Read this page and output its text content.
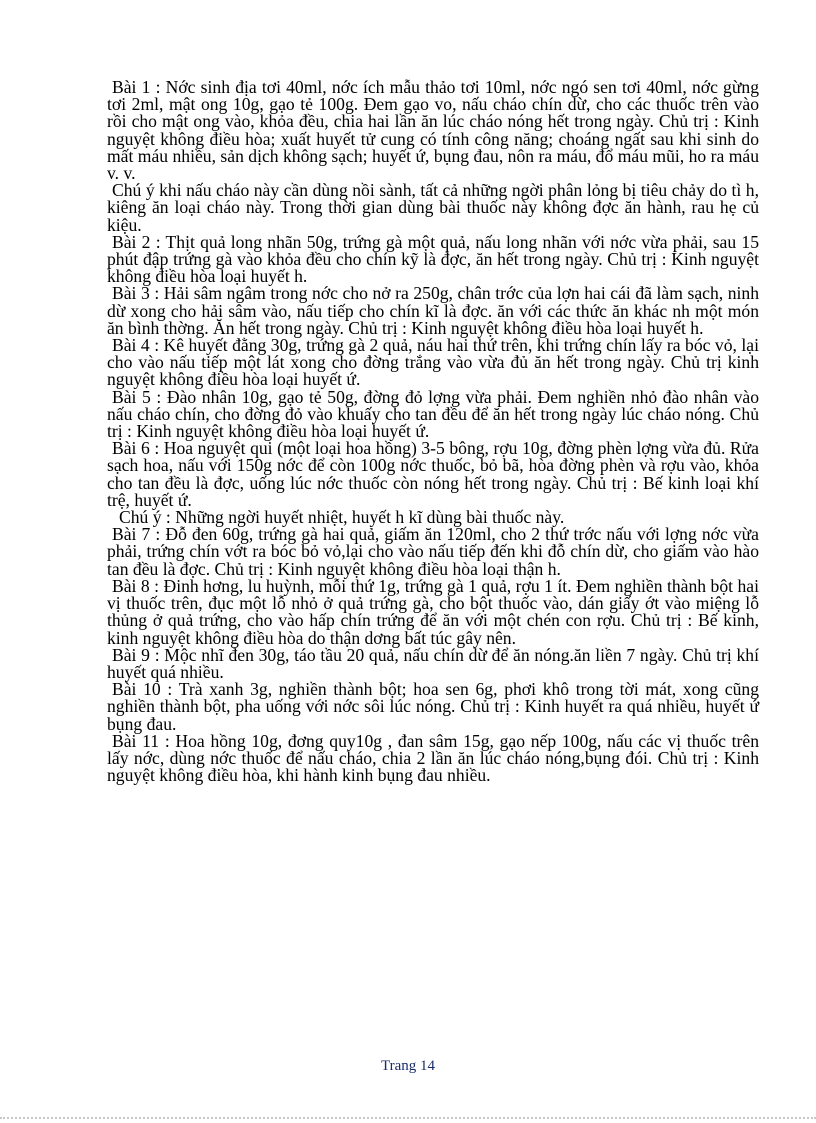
Bài 1 : Nớc sinh địa tơi 40ml, nớc ích mẫu thảo tơi 10ml, nớc ngó sen tơi 40ml, nớc gừng tơi 2ml, mật ong 10g, gạo tẻ 100g. Đem gạo vo, nấu cháo chín dừ, cho các thuốc trên vào rồi cho mật ong vào, khỏa đều, chia hai lần ăn lúc cháo nóng hết trong ngày. Chủ trị : Kinh nguyệt không điều hòa; xuất huyết tử cung có tính công năng; choáng ngất sau khi sinh do mất máu nhiều, sản dịch không sạch; huyết ứ, bụng đau, nôn ra máu, đổ máu mũi, ho ra máu v. v.

Chú ý khi nấu cháo này cần dùng nồi sành, tất cả những ngời phân lỏng bị tiêu chảy do tì h, kiêng ăn loại cháo này. Trong thời gian dùng bài thuốc này không đợc ăn hành, rau hẹ củ kiệu.

Bài 2 : Thịt quả long nhãn 50g, trứng gà một quả, nấu long nhãn với nớc vừa phải, sau 15 phút đập trứng gà vào khỏa đều cho chín kỹ là đợc, ăn hết trong ngày. Chủ trị : Kinh nguyệt không điều hòa loại huyết h.

Bài 3 : Hải sâm ngâm trong nớc cho nở ra 250g, chân trớc của lợn hai cái đã làm sạch, ninh dừ xong cho hải sâm vào, nấu tiếp cho chín kĩ là đợc. ăn với các thức ăn khác nh một món ăn bình thờng. Ăn hết trong ngày. Chủ trị : Kinh nguyệt không điều hòa loại huyết h.

Bài 4 : Kê huyết đằng 30g, trứng gà 2 quả, náu hai thứ trên, khi trứng chín lấy ra bóc vỏ, lại cho vào nấu tiếp một lát xong cho đờng trắng vào vừa đủ ăn hết trong ngày. Chủ trị kinh nguyệt không điều hòa loại huyết ứ.

Bài 5 : Đào nhân 10g, gạo tẻ 50g, đờng đỏ lợng vừa phải. Đem nghiền nhỏ đào nhân vào nấu cháo chín, cho đờng đỏ vào khuấy cho tan đều để ăn hết trong ngày lúc cháo nóng. Chủ trị : Kinh nguyệt không điều hòa loại huyết ứ.

Bài 6 : Hoa nguyệt qui (một loại hoa hồng) 3-5 bông, rợu 10g, đờng phèn lợng vừa đủ. Rửa sạch hoa, nấu với 150g nớc để còn 100g nớc thuốc, bỏ bã, hòa đờng phèn và rợu vào, khỏa cho tan đều là đợc, uống lúc nớc thuốc còn nóng hết trong ngày. Chủ trị : Bế kinh loại khí trệ, huyết ứ.

Chú ý : Những ngời huyết nhiệt, huyết h kĩ dùng bài thuốc này.

Bài 7 : Đỗ đen 60g, trứng gà hai quả, giấm ăn 120ml, cho 2 thứ trớc nấu với lợng nớc vừa phải, trứng chín vớt ra bóc bỏ vỏ,lại cho vào nấu tiếp đến khi đỗ chín dừ, cho giấm vào hào tan đều là đợc. Chủ trị : Kinh nguyệt không điều hòa loại thận h.

Bài 8 : Đinh hơng, lu huỳnh, mỗi thứ 1g, trứng gà 1 quả, rợu 1 ít. Đem nghiền thành bột hai vị thuốc trên, đục một lỗ nhỏ ở quả trứng gà, cho bột thuốc vào, dán giấy ớt vào miệng lỗ thủng ở quả trứng, cho vào hấp chín trứng để ăn với một chén con rợu. Chủ trị : Bế kinh, kinh nguyệt không điều hòa do thận dơng bất túc gây nên.

Bài 9 : Mộc nhĩ đen 30g, táo tầu 20 quả, nấu chín dừ để ăn nóng.ăn liền 7 ngày. Chủ trị khí huyết quá nhiều.

Bài 10 : Trà xanh 3g, nghiền thành bột; hoa sen 6g, phơi khô trong tời mát, xong cũng nghiền thành bột, pha uống với nớc sôi lúc nóng. Chủ trị : Kinh huyết ra quá nhiều, huyết ứ bụng đau.

Bài 11 : Hoa hồng 10g, đơng quy10g , đan sâm 15g, gạo nếp 100g, nấu các vị thuốc trên lấy nớc, dùng nớc thuốc để nấu cháo, chia 2 lần ăn lúc cháo nóng,bụng đói. Chủ trị : Kinh nguyệt không điều hòa, khi hành kinh bụng đau nhiều.

Trang 14
